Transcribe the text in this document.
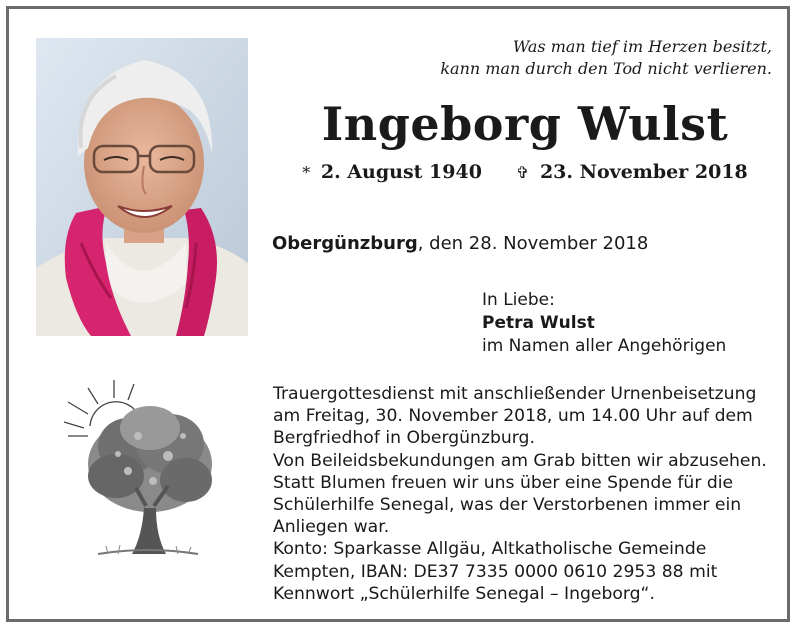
Was man tief im Herzen besitzt,
kann man durch den Tod nicht verlieren.
Ingeborg Wulst
* 2. August 1940 ✞ 23. November 2018
Obergünzburg, den 28. November 2018
In Liebe:
Petra Wulst
im Namen aller Angehörigen
Trauergottesdienst mit anschließender Urnenbeisetzung
am Freitag, 30. November 2018, um 14.00 Uhr auf dem
Bergfriedhof in Obergünzburg.
Von Beileidsbekundungen am Grab bitten wir abzusehen.
Statt Blumen freuen wir uns über eine Spende für die
Schülerhilfe Senegal, was der Verstorbenen immer ein
Anliegen war.
Konto: Sparkasse Allgäu, Altkatholische Gemeinde
Kempten, IBAN: DE37 7335 0000 0610 2953 88 mit
Kennwort „Schülerhilfe Senegal – Ingeborg“.
